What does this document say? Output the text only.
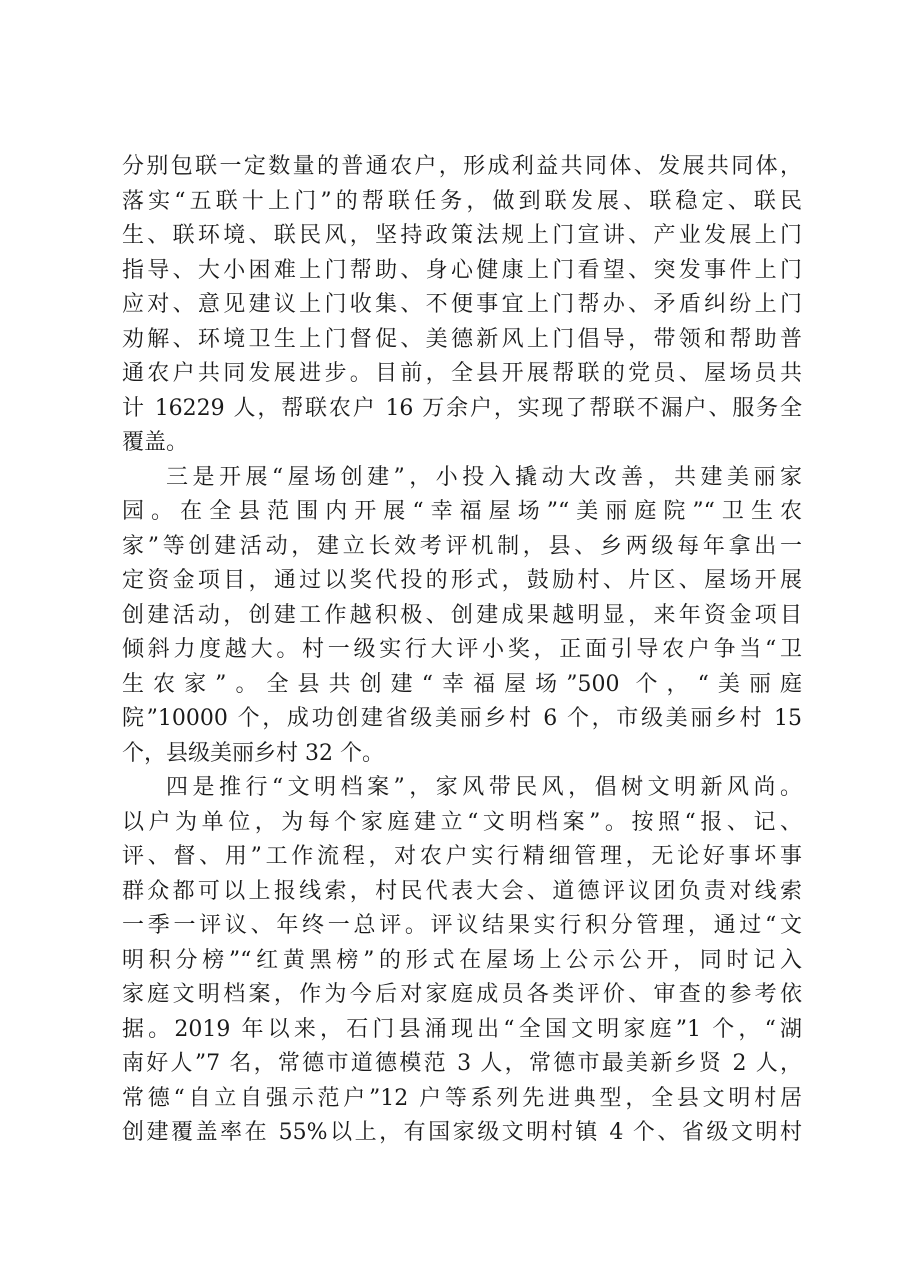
分别包联一定数量的普通农户，形成利益共同体、发展共同体，
落实“五联十上门”的帮联任务，做到联发展、联稳定、联民
生、联环境、联民风，坚持政策法规上门宣讲、产业发展上门
指导、大小困难上门帮助、身心健康上门看望、突发事件上门
应对、意见建议上门收集、不便事宜上门帮办、矛盾纠纷上门
劝解、环境卫生上门督促、美德新风上门倡导，带领和帮助普
通农户共同发展进步。目前，全县开展帮联的党员、屋场员共
计 16229 人，帮联农户 16 万余户，实现了帮联不漏户、服务全
覆盖。
三是开展“屋场创建”，小投入撬动大改善，共建美丽家
园。在全县范围内开展“幸福屋场”“美丽庭院”“卫生农
家”等创建活动，建立长效考评机制，县、乡两级每年拿出一
定资金项目，通过以奖代投的形式，鼓励村、片区、屋场开展
创建活动，创建工作越积极、创建成果越明显，来年资金项目
倾斜力度越大。村一级实行大评小奖，正面引导农户争当“卫
生农家”。全县共创建“幸福屋场”500 个，“美丽庭
院”10000 个，成功创建省级美丽乡村 6 个，市级美丽乡村 15
个，县级美丽乡村 32 个。
四是推行“文明档案”，家风带民风，倡树文明新风尚。
以户为单位，为每个家庭建立“文明档案”。按照“报、记、
评、督、用”工作流程，对农户实行精细管理，无论好事坏事
群众都可以上报线索，村民代表大会、道德评议团负责对线索
一季一评议、年终一总评。评议结果实行积分管理，通过“文
明积分榜”“红黄黑榜”的形式在屋场上公示公开，同时记入
家庭文明档案，作为今后对家庭成员各类评价、审查的参考依
据。2019 年以来，石门县涌现出“全国文明家庭”1 个，“湖
南好人”7 名，常德市道德模范 3 人，常德市最美新乡贤 2 人，
常德“自立自强示范户”12 户等系列先进典型，全县文明村居
创建覆盖率在 55%以上，有国家级文明村镇 4 个、省级文明村
